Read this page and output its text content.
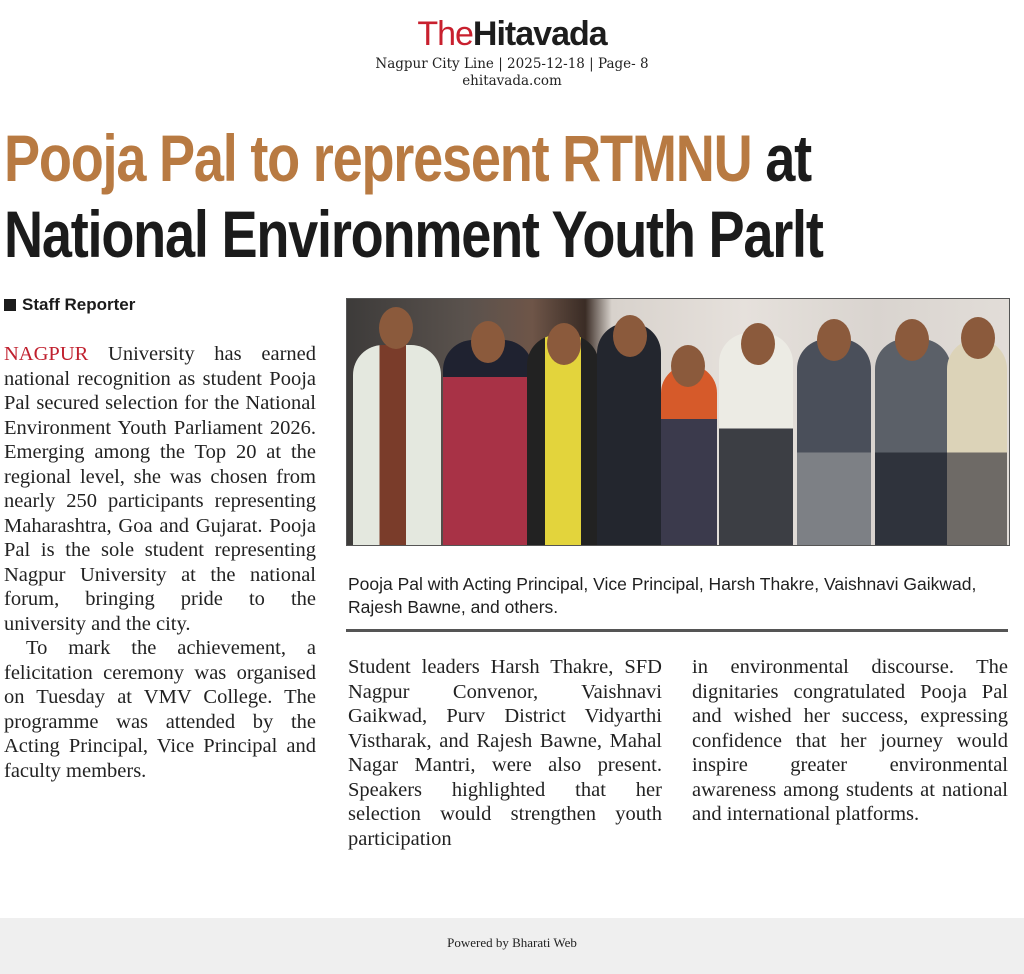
TheHitavada
Nagpur City Line | 2025-12-18 | Page- 8
ehitavada.com
Pooja Pal to represent RTMNU at
National Environment Youth Parlt
Staff Reporter

NAGPUR University has earned national recognition as student Pooja Pal secured selection for the National Environment Youth Parliament 2026. Emerging among the Top 20 at the regional level, she was chosen from nearly 250 participants representing Maharashtra, Goa and Gujarat. Pooja Pal is the sole student representing Nagpur University at the national forum, bringing pride to the university and the city.

To mark the achievement, a felicitation ceremony was organised on Tuesday at VMV College. The programme was attended by the Acting Principal, Vice Principal and faculty members.

Pooja Pal with Acting Principal, Vice Principal, Harsh Thakre, Vaishnavi Gaikwad, Rajesh Bawne, and others.

Student leaders Harsh Thakre, SFD Nagpur Convenor, Vaishnavi Gaikwad, Purv District Vidyarthi Vistharak, and Rajesh Bawne, Mahal Nagar Mantri, were also present. Speakers highlighted that her selection would strengthen youth participation

in environmental discourse. The dignitaries congratulated Pooja Pal and wished her success, expressing confidence that her journey would inspire greater environmental awareness among students at national and international platforms.

Powered by Bharati Web
